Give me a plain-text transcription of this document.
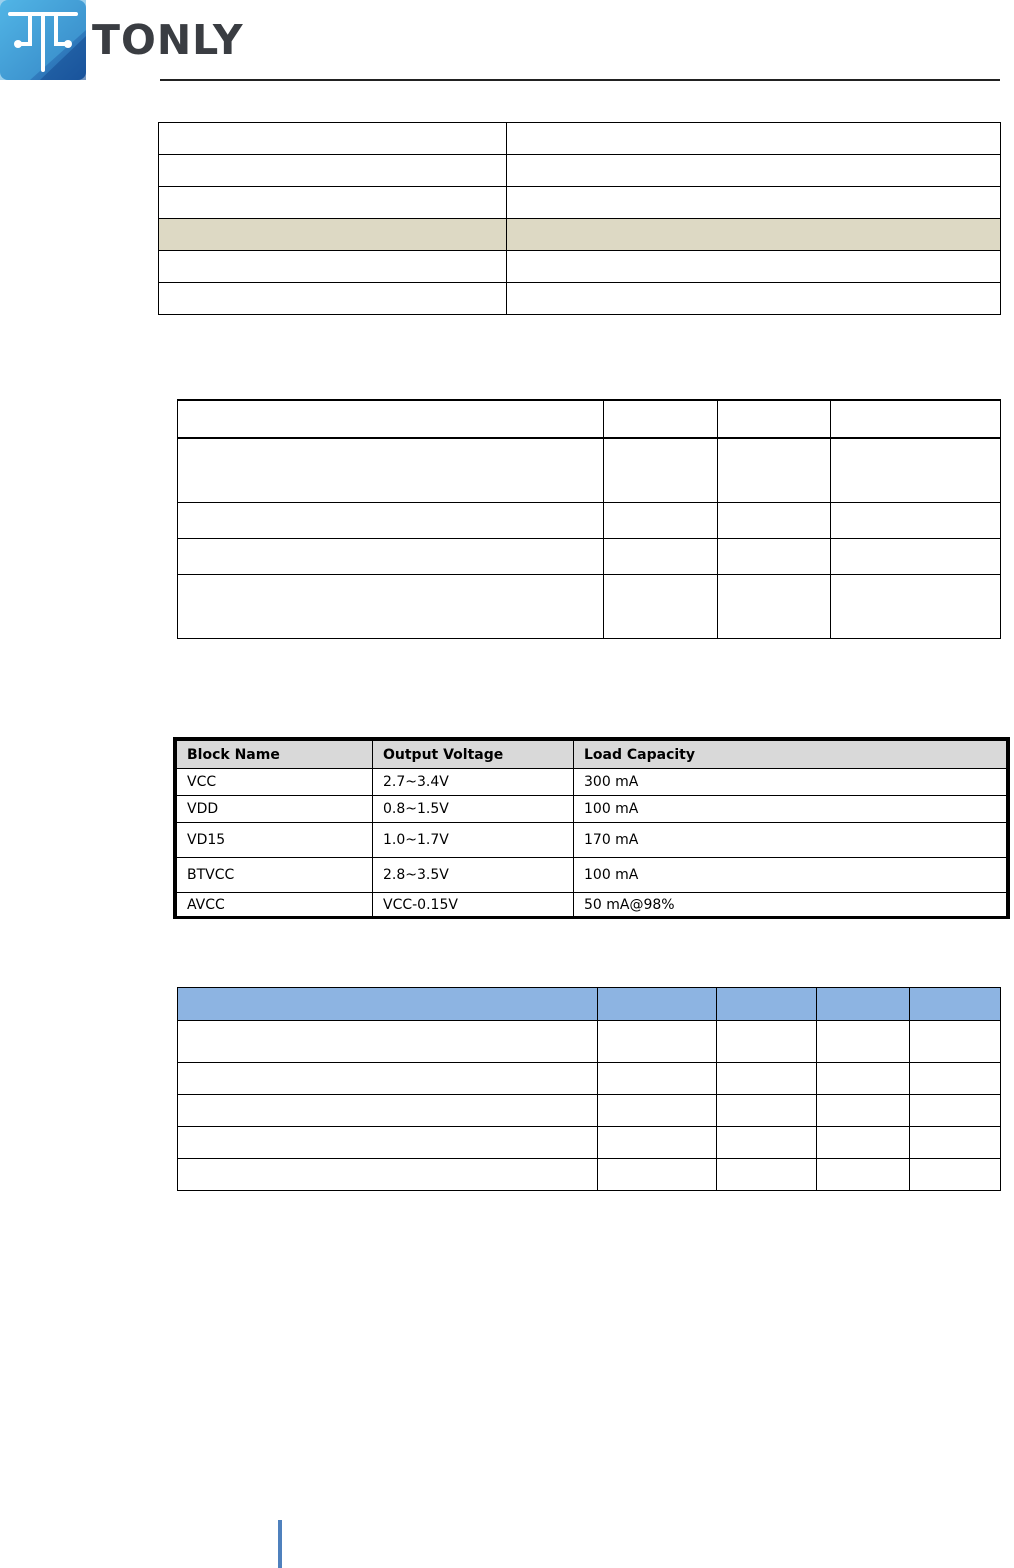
TONLY

Block Name	Output Voltage	Load Capacity
VCC	2.7~3.4V	300 mA
VDD	0.8~1.5V	100 mA
VD15	1.0~1.7V	170 mA
BTVCC	2.8~3.5V	100 mA
AVCC	VCC-0.15V	50 mA@98%
